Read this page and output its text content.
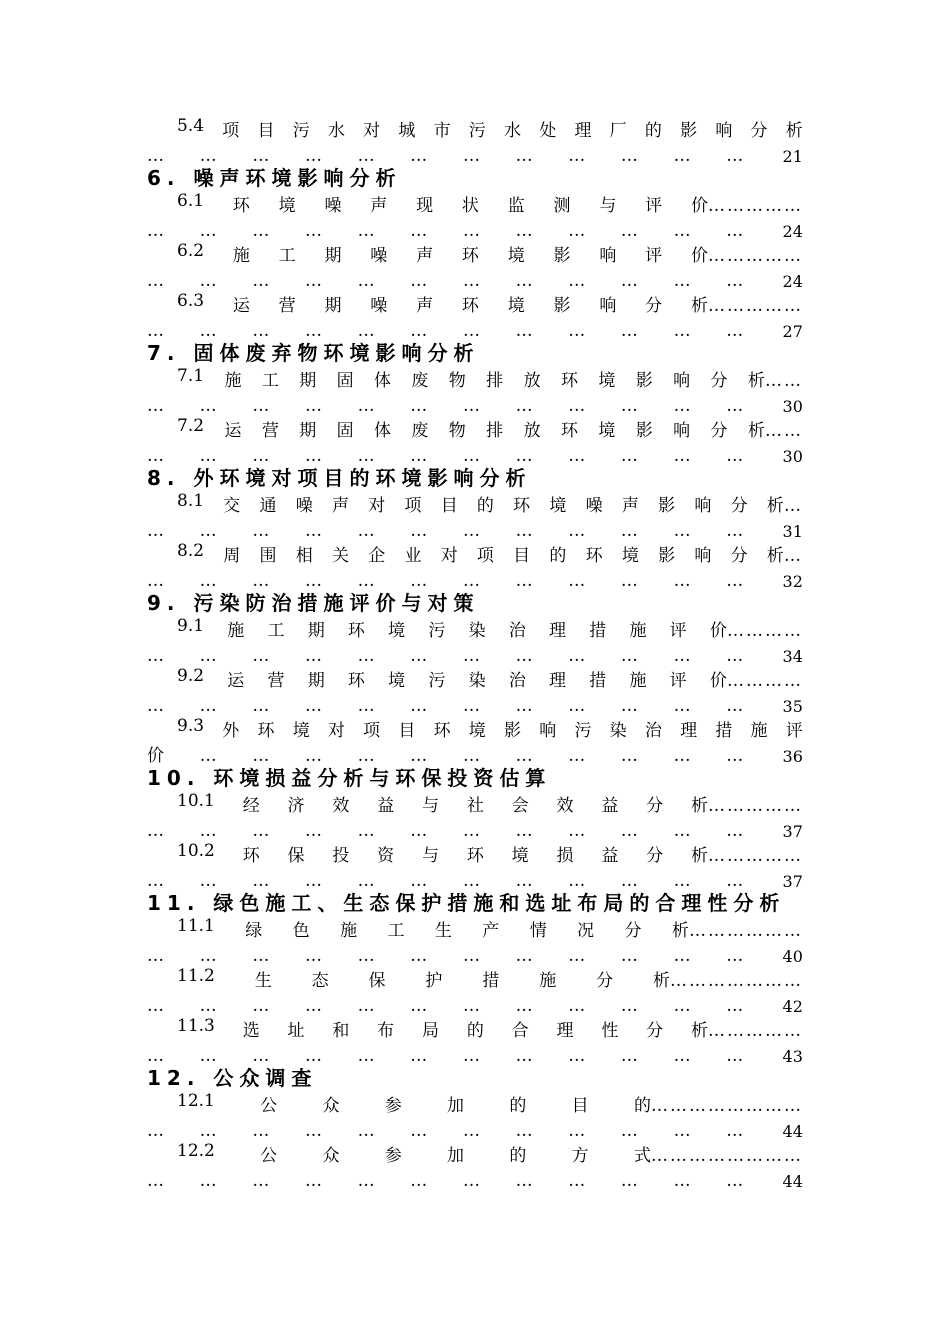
5.4 项 目 污 水 对 城 市 污 水 处 理 厂 的 影 响 分 析
… … … … … … … … … … … … 21
6. 噪声环境影响分析
6.1 环 境 噪 声 现 状 监 测 与 评 价 ……………
… … … … … … … … … … … … 24
6.2 施 工 期 噪 声 环 境 影 响 评 价 ……………
… … … … … … … … … … … … 24
6.3 运 营 期 噪 声 环 境 影 响 分 析 ……………
… … … … … … … … … … … … 27
7. 固体废弃物环境影响分析
7.1 施 工 期 固 体 废 物 排 放 环 境 影 响 分 析 ……
… … … … … … … … … … … … 30
7.2 运 营 期 固 体 废 物 排 放 环 境 影 响 分 析 ……
… … … … … … … … … … … … 30
8. 外环境对项目的环境影响分析
8.1 交 通 噪 声 对 项 目 的 环 境 噪 声 影 响 分 析 …
… … … … … … … … … … … … 31
8.2 周 围 相 关 企 业 对 项 目 的 环 境 影 响 分 析 …
… … … … … … … … … … … … 32
9. 污染防治措施评价与对策
9.1 施 工 期 环 境 污 染 治 理 措 施 评 价 …………
… … … … … … … … … … … … 34
9.2 运 营 期 环 境 污 染 治 理 措 施 评 价 …………
… … … … … … … … … … … … 35
9.3 外 环 境 对 项 目 环 境 影 响 污 染 治 理 措 施 评
价 … … … … … … … … … … … 36
10. 环境损益分析与环保投资估算
10.1 经 济 效 益 与 社 会 效 益 分 析 ……………
… … … … … … … … … … … … 37
10.2 环 保 投 资 与 环 境 损 益 分 析 ……………
… … … … … … … … … … … … 37
11. 绿色施工、生态保护措施和选址布局的合理性分析
11.1 绿 色 施 工 生 产 情 况 分 析 ………………
… … … … … … … … … … … … 40
11.2 生 态 保 护 措 施 分 析 …………………
… … … … … … … … … … … … 42
11.3 选 址 和 布 局 的 合 理 性 分 析 ……………
… … … … … … … … … … … … 43
12. 公众调查
12.1	公	众	参	加	的	目	的 ……………………
… … … … … … … … … … … … 44
12.2	公	众	参	加	的	方	式 ……………………
… … … … … … … … … … … … 44
